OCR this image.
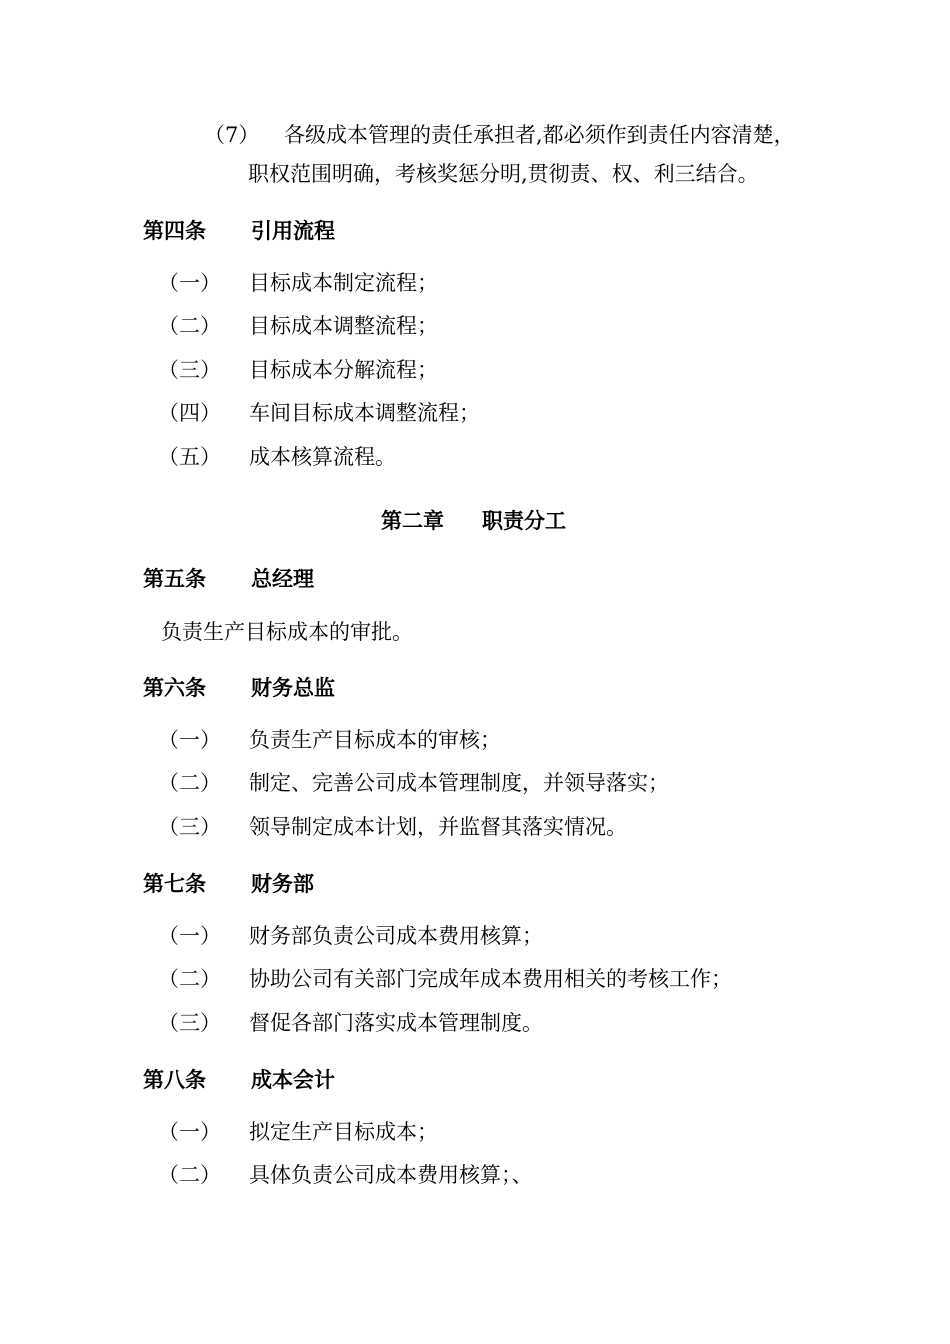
（7） 各级成本管理的责任承担者,都必须作到责任内容清楚，
职权范围明确，考核奖惩分明,贯彻责、权、利三结合。
第四条 引用流程
（一） 目标成本制定流程；
（二） 目标成本调整流程；
（三） 目标成本分解流程；
（四） 车间目标成本调整流程；
（五） 成本核算流程。
第二章 职责分工
第五条 总经理
负责生产目标成本的审批。
第六条 财务总监
（一） 负责生产目标成本的审核；
（二） 制定、完善公司成本管理制度，并领导落实；
（三） 领导制定成本计划，并监督其落实情况。
第七条 财务部
（一） 财务部负责公司成本费用核算；
（二） 协助公司有关部门完成年成本费用相关的考核工作；
（三） 督促各部门落实成本管理制度。
第八条 成本会计
（一） 拟定生产目标成本；
（二） 具体负责公司成本费用核算；、
